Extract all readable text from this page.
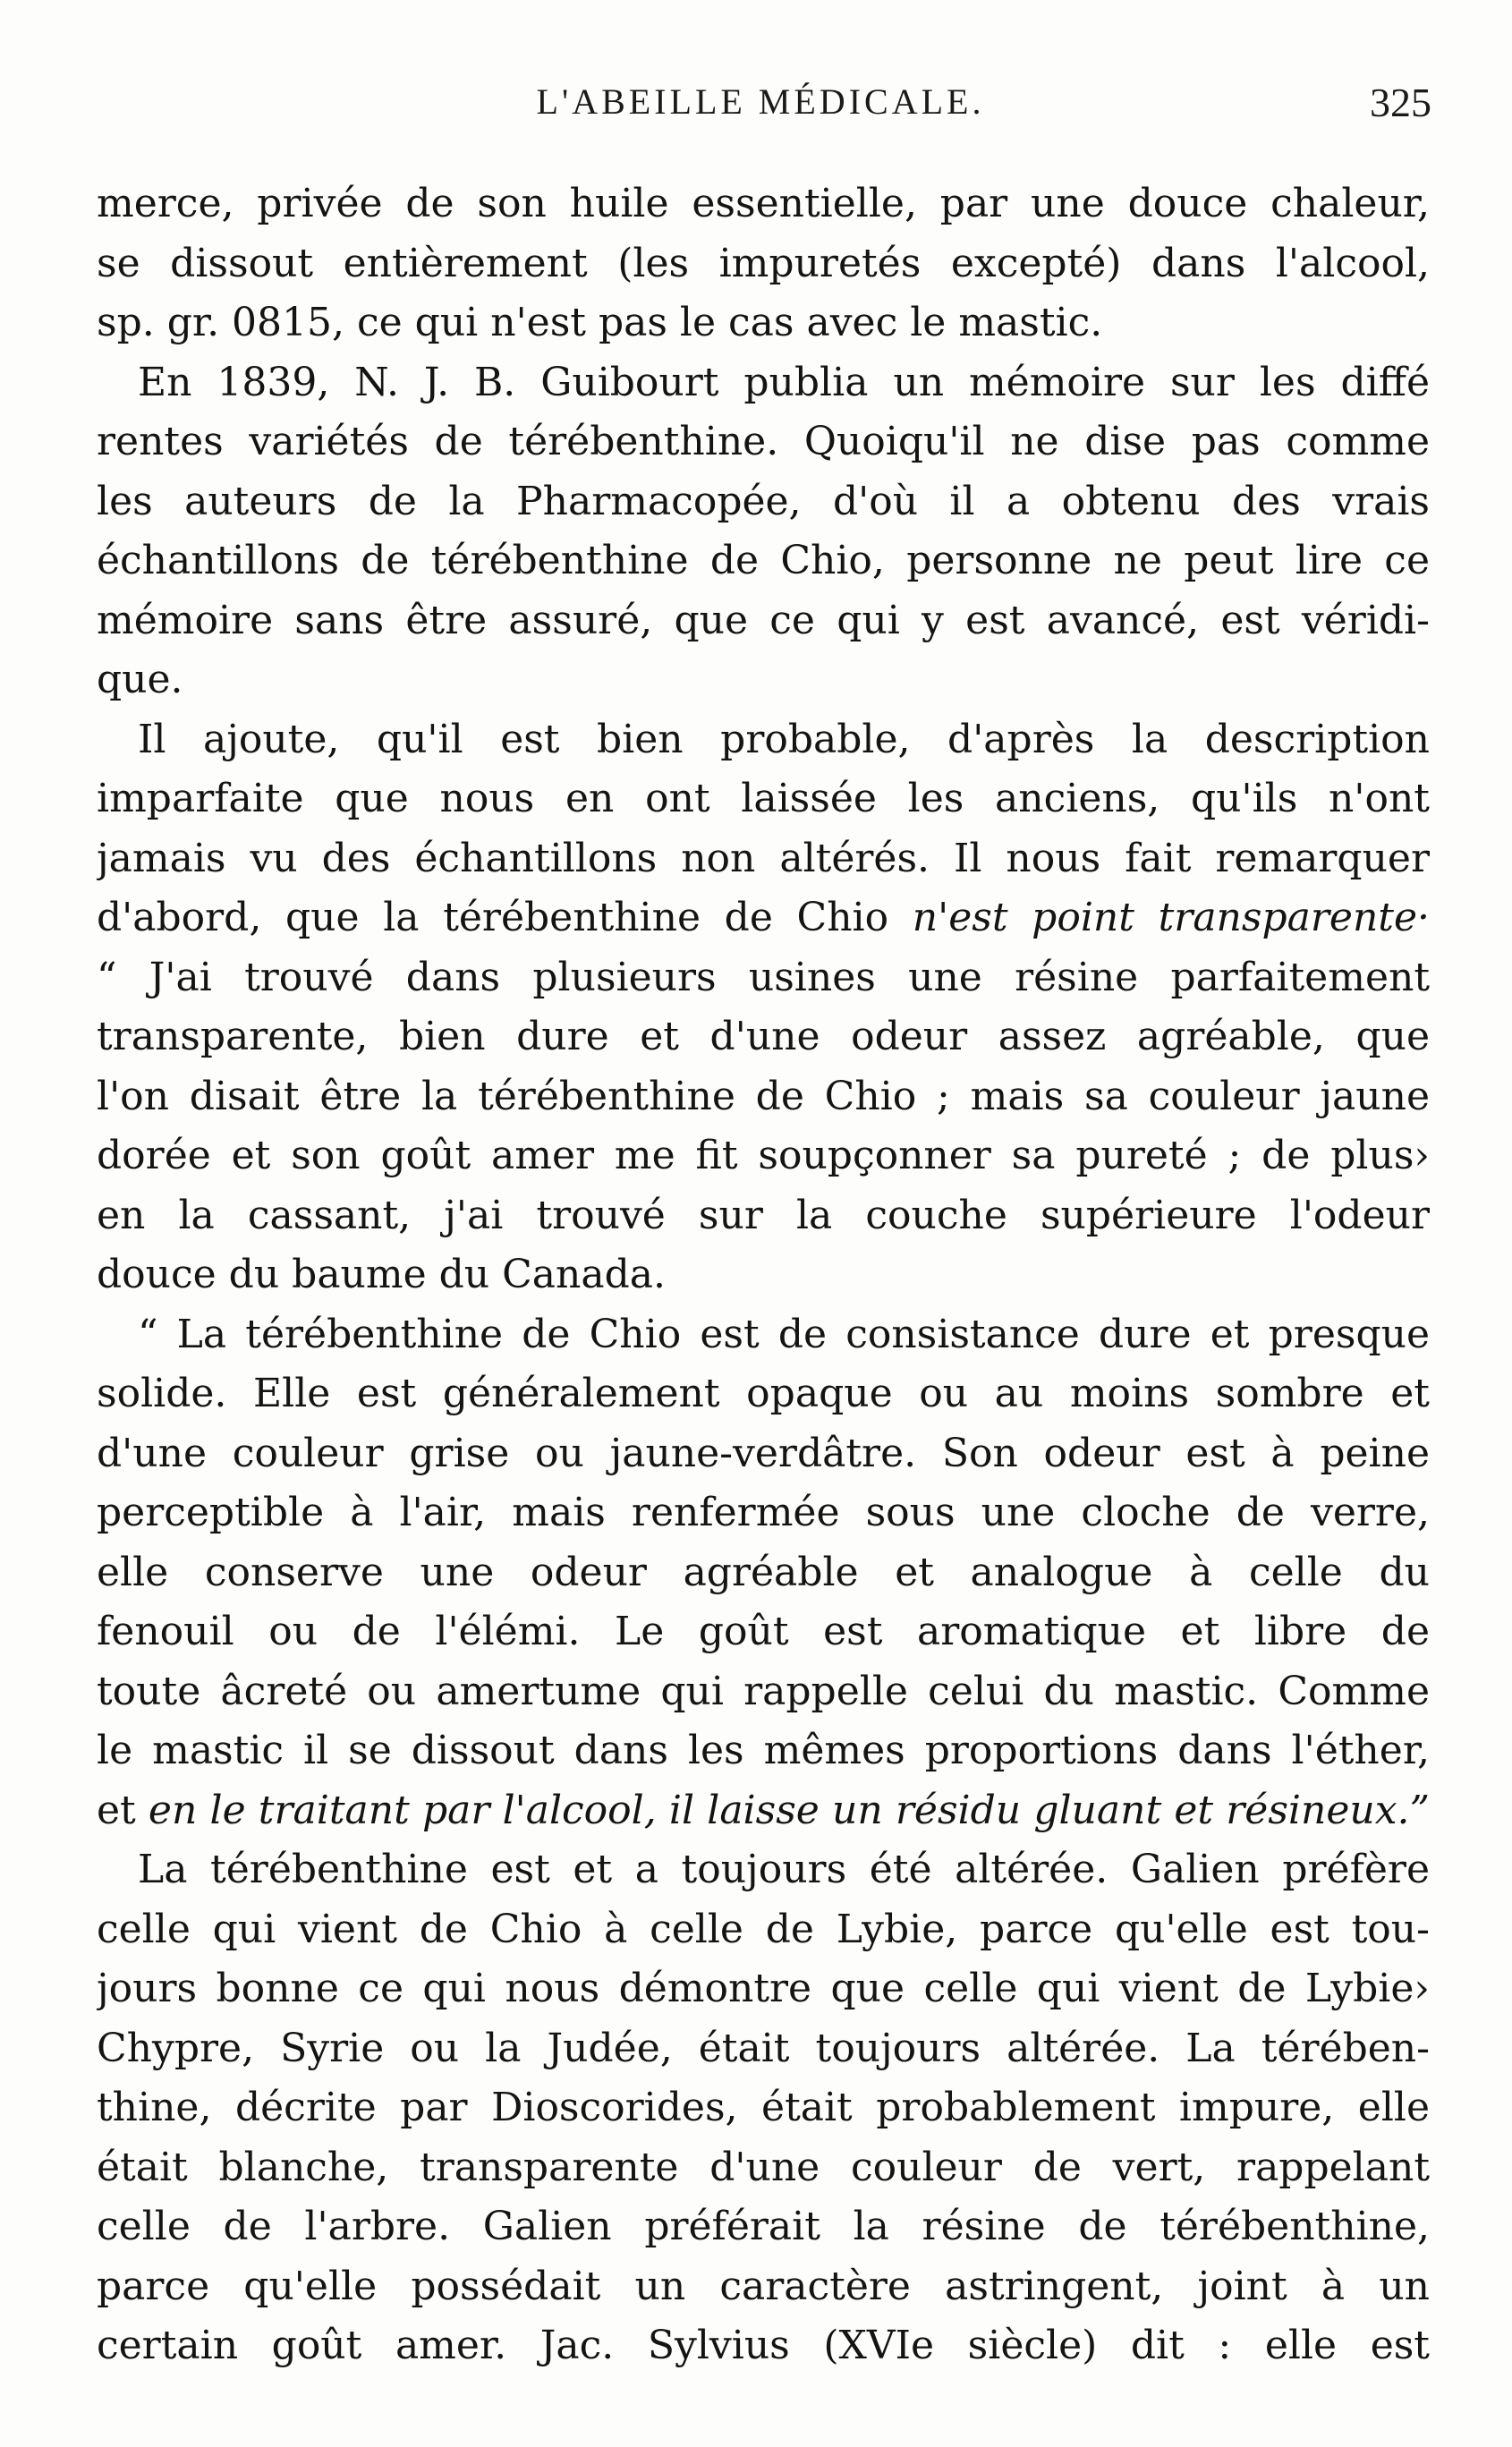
L'ABEILLE MÉDICALE.	325
merce, privée de son huile essentielle, par une douce chaleur,
se dissout entièrement (les impuretés excepté) dans l'alcool,
sp. gr. 0815, ce qui n'est pas le cas avec le mastic.
En 1839, N. J. B. Guibourt publia un mémoire sur les diffé
rentes variétés de térébenthine. Quoiqu'il ne dise pas comme
les auteurs de la Pharmacopée, d'où il a obtenu des vrais
échantillons de térébenthine de Chio, personne ne peut lire ce
mémoire sans être assuré, que ce qui y est avancé, est véridi-
que.
Il ajoute, qu'il est bien probable, d'après la description
imparfaite que nous en ont laissée les anciens, qu'ils n'ont
jamais vu des échantillons non altérés. Il nous fait remarquer
d'abord, que la térébenthine de Chio n'est point transparente·
“ J'ai trouvé dans plusieurs usines une résine parfaitement
transparente, bien dure et d'une odeur assez agréable, que
l'on disait être la térébenthine de Chio ; mais sa couleur jaune
dorée et son goût amer me fit soupçonner sa pureté ; de plus›
en la cassant, j'ai trouvé sur la couche supérieure l'odeur
douce du baume du Canada.
“ La térébenthine de Chio est de consistance dure et presque
solide. Elle est généralement opaque ou au moins sombre et
d'une couleur grise ou jaune-verdâtre. Son odeur est à peine
perceptible à l'air, mais renfermée sous une cloche de verre,
elle conserve une odeur agréable et analogue à celle du
fenouil ou de l'élémi. Le goût est aromatique et libre de
toute âcreté ou amertume qui rappelle celui du mastic. Comme
le mastic il se dissout dans les mêmes proportions dans l'éther,
et en le traitant par l'alcool, il laisse un résidu gluant et résineux.”
La térébenthine est et a toujours été altérée. Galien préfère
celle qui vient de Chio à celle de Lybie, parce qu'elle est tou-
jours bonne ce qui nous démontre que celle qui vient de Lybie›
Chypre, Syrie ou la Judée, était toujours altérée. La térében-
thine, décrite par Dioscorides, était probablement impure, elle
était blanche, transparente d'une couleur de vert, rappelant
celle de l'arbre. Galien préférait la résine de térébenthine,
parce qu'elle possédait un caractère astringent, joint à un
certain goût amer. Jac. Sylvius (XVIe siècle) dit : elle est
